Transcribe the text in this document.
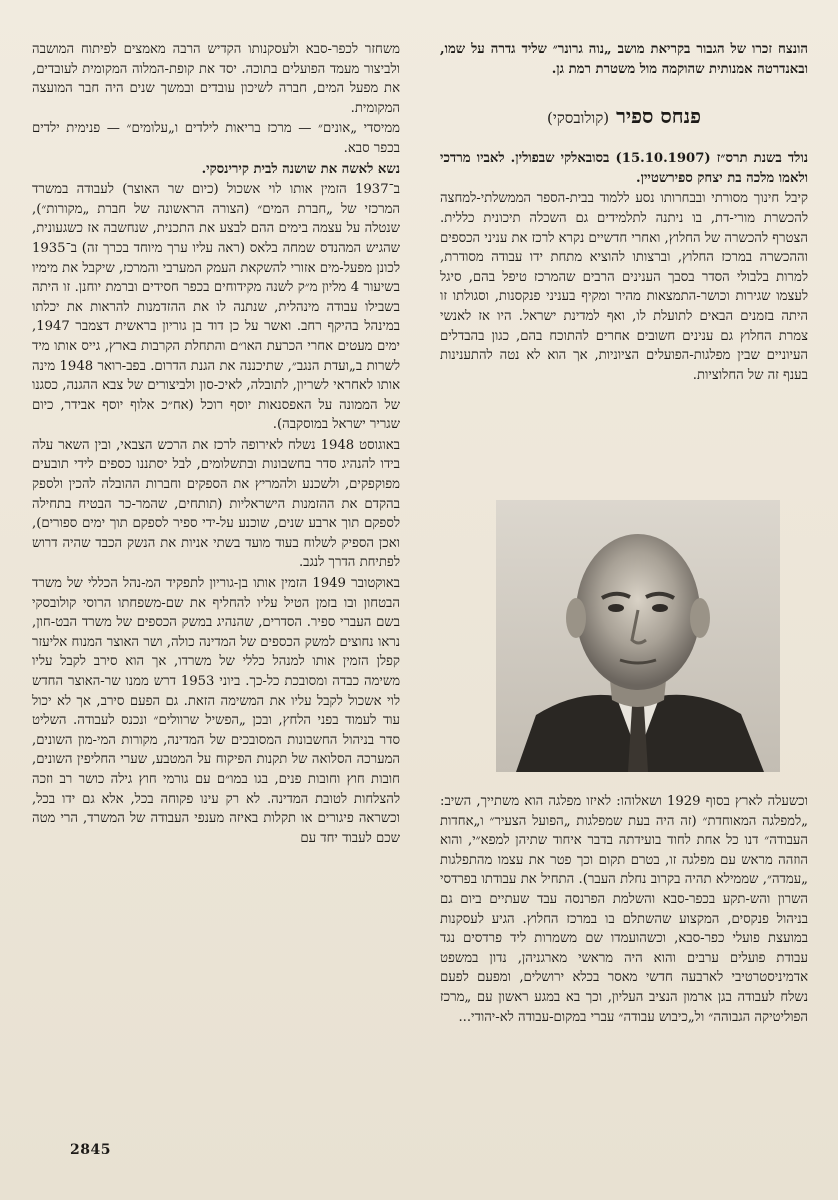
הונצח זכרו של הגבור בקריאת מושב „נוה גרונר״ שליד גדרה על שמו, ובאנדרטה אמנותית שהוקמה מול משטרת רמת גן.

פנחס ספיר (קולובסקי)

נולד בשנת תרס״ז (15.10.1907) בסובאלקי שבפולין. לאביו מרדכי ולאמו מלכה בת יצחק ספירשטיין.

קיבל חינוך מסורתי ובבחרותו נסע ללמוד בבית-הספר הממשלתי-למחצה להכשרת מורי-דת, בו ניתנה לתלמידים גם השכלה תיכונית כללית. הצטרף להכשרה של החלוץ, ואחרי חדשיים נקרא לרכז את עניני הכספים וההכשרה במרכז החלוץ, וברצותו להוציא מתחת ידו עבודה מסודרת, למרות בלבולי הסדר בסבך הענינים הרבים שהמרכז טיפל בהם, סיגל לעצמו שגירות וכושר-התמצאות מהיר ומקיף בעניני פנקסנות, וסגולתו זו היתה בזמנים הבאים לתועלת לו, ואף למדינת ישראל. היו אז לאנשי צמרת החלוץ גם ענינים חשובים אחרים להתוכח בהם, כגון בהבדלים העיוניים שבין מפלגות-הפועלים הציוניות, אך הוא לא נטה להתענינות בענף זה של החלוציות.

וכשעלה לארץ בסוף 1929 ושאלוהו: לאיזו מפלגה הוא משתייך, השיב: „למפלגה המאוחדת״ (זה היה בעת שמפלגות „הפועל הצעיר״ ו„אחדות העבודה״ דנו כל אחת לחוד בועידתה בדבר איחוד שתיהן למפא״י, והוא הוזהה מראש עם מפלגה זו, בטרם תקום וכך פטר את עצמו מהתפלגות „עמדה״, שממילא תהיה בקרוב נחלת העבר). התחיל את עבודתו בפרדסי השרון והש-תקע בכפר-סבא והשלמת הפרנסה עבד שעתיים ביום גם בניהול פנקסים, המקצוע שהשתלם בו במרכז החלוץ. הגיע לעסקנות במועצת פועלי כפר-סבא, וכשהועמדו שם משמרות ליד פרדסים נגד עבודת פועלים ערבים והוא היה מראשי מארגניהן, נדון במשפט אדמיניסטרטיבי לארבעה חדשי מאסר בכלא ירושלים, ומפעם לפעם נשלח לעבודה בגן ארמון הנציב העליון, וכך בא במגע ראשון עם „מרכז הפוליטיקה הגבוהה״ ול„כיבוש עבודה״ עברי במקום-עבודה לא-יהודי...

משחזר לכפר-סבא ולעסקנותו הקדיש הרבה מאמצים לפיתוח המושבה ולביצור מעמד הפועלים בתוכה. יסד את קופת-המלוה המקומית לעובדים, את מפעל המים, חברה לשיכון עובדים ובמשך שנים היה חבר המועצה המקומית.

ממיסדי „אונים״ — מרכז בריאות לילדים ו„עלומים״ — פנימית ילדים בכפר סבא.

נשא לאשה את שושנה לבית קירינסקי.

ב־1937 הזמין אותו לוי אשכול (כיום שר האוצר) לעבודה במשרד המרכזי של „חברת המים״ (הצורה הראשונה של חברת „מקורות״), שנטלה על עצמה בימים ההם לבצע את התכנית, שנחשבה אז כשגעונית, שהגיש המהנדס שמחה בלאס (ראה עליו ערך מיוחד בכרך זה) ב־1935 לכונן מפעל-מים אזורי להשקאת העמק המערבי והמרכז, שיקבל את מימיו בשיעור 4 מליון מ״ק לשנה מקידוחים בכפר חסידים וברמת יוחנן. זו היתה בשבילו עבודה מינהלית, שנתנה לו את ההזדמנות להראות את יכלתו במינהל בהיקף רחב. ואשר על כן דוד בן גוריון בראשית דצמבר 1947, ימים מעטים אחרי הכרעת האו״ם והתחלת הקרבות בארץ, גייס אותו מיד לשרות ב„ועדת הנגב״, שתיכננה את הגנת הדרום. בפב-רואר 1948 מינה אותו לאחראי לשריון, לתובלה, לאיכ-סון ולביצורים של צבא ההגנה, כסגנו של הממונה על האפסנאות יוסף רוכל (אח״כ אלוף יוסף אבידר, כיום שגריר ישראל במוסקבה).

באוגוסט 1948 נשלח לאירופה לרכז את הרכש הצבאי, ובין השאר עלה בידו להנהיג סדר בחשבונות ובתשלומים, לבל יסתננו כספים לידי תובעים מפוקפקים, ולשכנע ולהמריץ את הספקים וחברות ההובלה להכין ולספק בהקדם את ההזמנות הישראליות (תותחים, שהמר-כר הבטיח בתחילה לספקם תוך ארבע שנים, שוכנע על-ידי ספיר לספקם תוך ימים ספורים), ואכן הספיק לשלוח בעוד מועד בשתי אניות את הנשק הכבד שהיה דרוש לפתיחת הדרך לנגב.

באוקטובר 1949 הזמין אותו בן-גוריון לתפקיד המ-נהל הכללי של משרד הבטחון ובו בזמן הטיל עליו להחליף את שם-משפחתו הרוסי קולובסקי בשם העברי ספיר. הסדרים, שהנהיג במשק הכספים של משרד הבט-חון, נראו נחוצים למשק הכספים של המדינה כולה, ושר האוצר המנוח אליעזר קפלן הזמין אותו למנהל כללי של משרדו, אך הוא סירב לקבל עליו משימה כבדה ומסובכת כל-כך. ביוני 1953 דרש ממנו שר-האוצר החדש לוי אשכול לקבל עליו את המשימה הזאת. גם הפעם סירב, אך לא יכול עוד לעמוד בפני הלחץ, ובכן „הפשיל שרוולים״ ונכנס לעבודה. השליט סדר בניהול החשבונות המסובכים של המדינה, מקורות המי-מון השונים, המערכה הסלואה של תקנות הפיקוח על המטבע, שערי החליפין השונים, חובות חוץ וחובות פנים, בגו במו״ם עם גורמי חוץ גילה כושר רב וזכה להצלחות לטובת המדינה. לא רק עינו פקוחה בכל, אלא גם ידו בכל, וכשראה פיגורים או תקלות באיזה מענפי העבודה של המשרד, הרי מטה שכם לעבוד יחד עם

2845
